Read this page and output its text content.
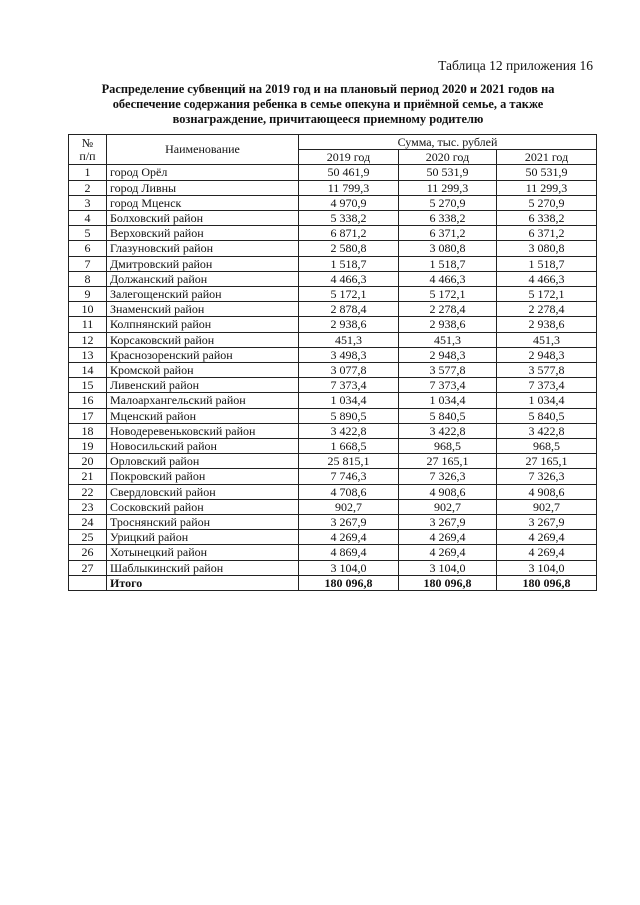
Таблица 12 приложения 16
Распределение субвенций на 2019 год и на плановый период 2020 и 2021 годов на
обеспечение содержания ребенка в семье опекуна и приёмной семье, а также
вознаграждение, причитающееся приемному родителю
№
п/п	Наименование	Сумма, тыс. рублей		
		2019 год	2020 год	2021 год
1	город Орёл	50 461,9	50 531,9	50 531,9
2	город Ливны	11 799,3	11 299,3	11 299,3
3	город Мценск	4 970,9	5 270,9	5 270,9
4	Болховский район	5 338,2	6 338,2	6 338,2
5	Верховский район	6 871,2	6 371,2	6 371,2
6	Глазуновский район	2 580,8	3 080,8	3 080,8
7	Дмитровский район	1 518,7	1 518,7	1 518,7
8	Должанский район	4 466,3	4 466,3	4 466,3
9	Залегощенский район	5 172,1	5 172,1	5 172,1
10	Знаменский район	2 878,4	2 278,4	2 278,4
11	Колпнянский район	2 938,6	2 938,6	2 938,6
12	Корсаковский район	451,3	451,3	451,3
13	Краснозоренский район	3 498,3	2 948,3	2 948,3
14	Кромской район	3 077,8	3 577,8	3 577,8
15	Ливенский район	7 373,4	7 373,4	7 373,4
16	Малоархангельский район	1 034,4	1 034,4	1 034,4
17	Мценский район	5 890,5	5 840,5	5 840,5
18	Новодеревеньковский район	3 422,8	3 422,8	3 422,8
19	Новосильский район	1 668,5	968,5	968,5
20	Орловский район	25 815,1	27 165,1	27 165,1
21	Покровский район	7 746,3	7 326,3	7 326,3
22	Свердловский район	4 708,6	4 908,6	4 908,6
23	Сосковский район	902,7	902,7	902,7
24	Троснянский район	3 267,9	3 267,9	3 267,9
25	Урицкий район	4 269,4	4 269,4	4 269,4
26	Хотынецкий район	4 869,4	4 269,4	4 269,4
27	Шаблыкинский район	3 104,0	3 104,0	3 104,0
	Итого	180 096,8	180 096,8	180 096,8
